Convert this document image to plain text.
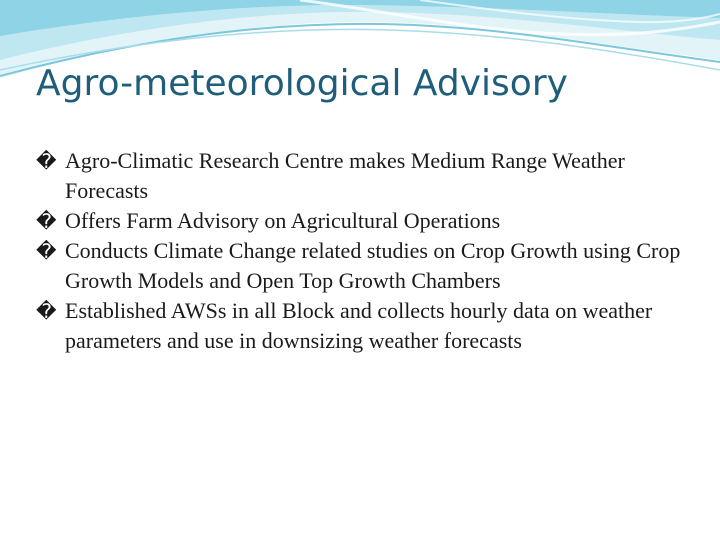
Agro-meteorological Advisory
� Agro-Climatic Research Centre makes Medium Range Weather Forecasts
� Offers Farm Advisory on Agricultural Operations
� Conducts Climate Change related studies on Crop Growth using Crop Growth Models and Open Top Growth Chambers
� Established AWSs in all Block and collects hourly data on weather parameters and use in downsizing weather forecasts
